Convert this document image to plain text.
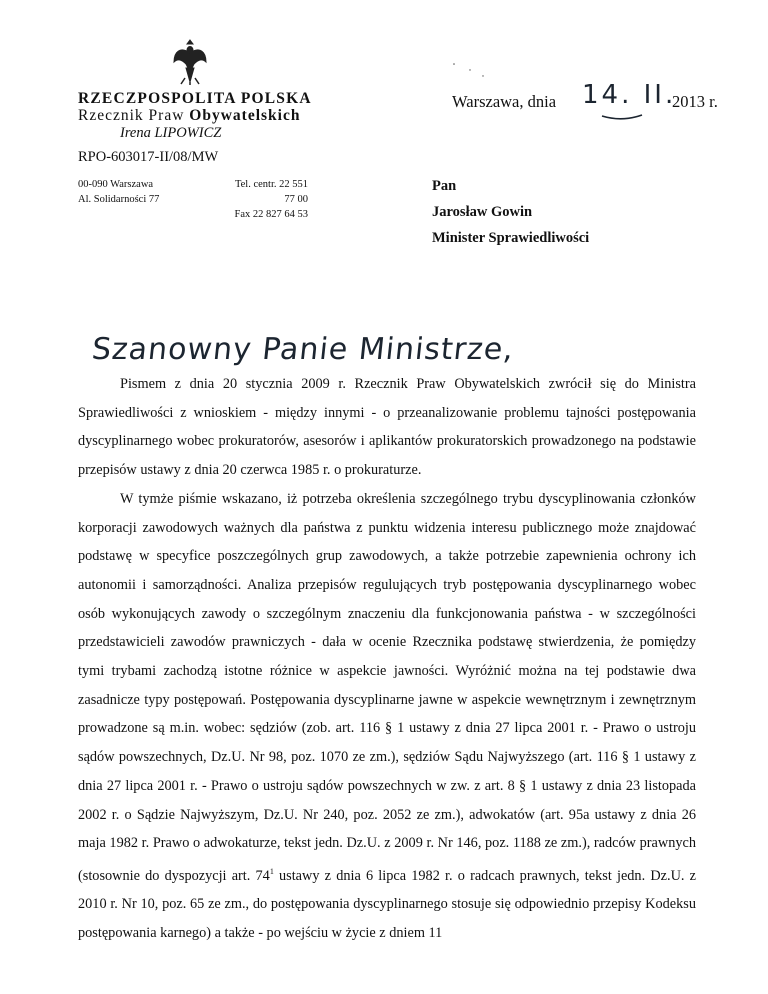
RZECZPOSPOLITA POLSKA
Rzecznik Praw Obywatelskich
Irena LIPOWICZ
RPO-603017-II/08/MW
00-090 Warszawa
Al. Solidarności 77
Tel. centr. 22 551 77 00
Fax 22 827 64 53
Warszawa, dnia 14. II.
2013 r.
Pan
Jarosław Gowin
Minister Sprawiedliwości
Szanowny Panie Ministrze,

Pismem z dnia 20 stycznia 2009 r. Rzecznik Praw Obywatelskich zwrócił się do Ministra Sprawiedliwości z wnioskiem - między innymi - o przeanalizowanie problemu tajności postępowania dyscyplinarnego wobec prokuratorów, asesorów i aplikantów prokuratorskich prowadzonego na podstawie przepisów ustawy z dnia 20 czerwca 1985 r. o prokuraturze.

W tymże piśmie wskazano, iż potrzeba określenia szczególnego trybu dyscyplinowania członków korporacji zawodowych ważnych dla państwa z punktu widzenia interesu publicznego może znajdować podstawę w specyfice poszczególnych grup zawodowych, a także potrzebie zapewnienia ochrony ich autonomii i samorządności. Analiza przepisów regulujących tryb postępowania dyscyplinarnego wobec osób wykonujących zawody o szczególnym znaczeniu dla funkcjonowania państwa - w szczególności przedstawicieli zawodów prawniczych - dała w ocenie Rzecznika podstawę stwierdzenia, że pomiędzy tymi trybami zachodzą istotne różnice w aspekcie jawności. Wyróżnić można na tej podstawie dwa zasadnicze typy postępowań. Postępowania dyscyplinarne jawne w aspekcie wewnętrznym i zewnętrznym prowadzone są m.in. wobec: sędziów (zob. art. 116 § 1 ustawy z dnia 27 lipca 2001 r. - Prawo o ustroju sądów powszechnych, Dz.U. Nr 98, poz. 1070 ze zm.), sędziów Sądu Najwyższego (art. 116 § 1 ustawy z dnia 27 lipca 2001 r. - Prawo o ustroju sądów powszechnych w zw. z art. 8 § 1 ustawy z dnia 23 listopada 2002 r. o Sądzie Najwyższym, Dz.U. Nr 240, poz. 2052 ze zm.), adwokatów (art. 95a ustawy z dnia 26 maja 1982 r. Prawo o adwokaturze, tekst jedn. Dz.U. z 2009 r. Nr 146, poz. 1188 ze zm.), radców prawnych (stosownie do dyspozycji art. $74^1$ ustawy z dnia 6 lipca 1982 r. o radcach prawnych, tekst jedn. Dz.U. z 2010 r. Nr 10, poz. 65 ze zm., do postępowania dyscyplinarnego stosuje się odpowiednio przepisy Kodeksu postępowania karnego) a także - po wejściu w życie z dniem 11
